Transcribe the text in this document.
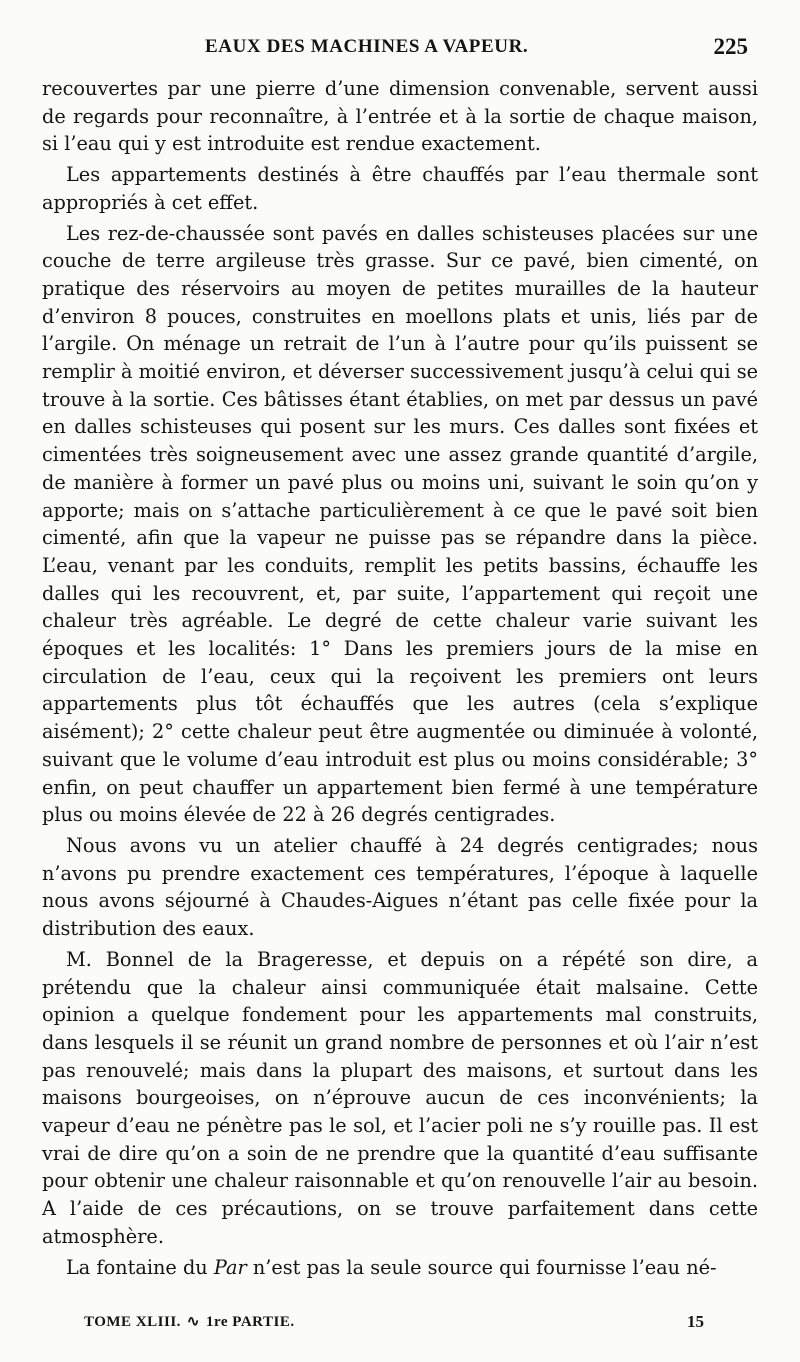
EAUX DES MACHINES A VAPEUR.	225

recouvertes par une pierre d’une dimension convenable, servent aussi de regards pour reconnaître, à l’entrée et à la sortie de chaque maison, si l’eau qui y est introduite est rendue exactement.

Les appartements destinés à être chauffés par l’eau thermale sont appropriés à cet effet.

Les rez-de-chaussée sont pavés en dalles schisteuses placées sur une couche de terre argileuse très grasse. Sur ce pavé, bien cimenté, on pratique des réservoirs au moyen de petites murailles de la hauteur d’environ 8 pouces, construites en moellons plats et unis, liés par de l’argile. On ménage un retrait de l’un à l’autre pour qu’ils puissent se remplir à moitié environ, et déverser successivement jusqu’à celui qui se trouve à la sortie. Ces bâtisses étant établies, on met par dessus un pavé en dalles schisteuses qui posent sur les murs. Ces dalles sont fixées et cimentées très soigneusement avec une assez grande quantité d’argile, de manière à former un pavé plus ou moins uni, suivant le soin qu’on y apporte; mais on s’attache particulièrement à ce que le pavé soit bien cimenté, afin que la vapeur ne puisse pas se répandre dans la pièce. L’eau, venant par les conduits, remplit les petits bassins, échauffe les dalles qui les recouvrent, et, par suite, l’appartement qui reçoit une chaleur très agréable. Le degré de cette chaleur varie suivant les époques et les localités: 1° Dans les premiers jours de la mise en circulation de l’eau, ceux qui la reçoivent les premiers ont leurs appartements plus tôt échauffés que les autres (cela s’explique aisément); 2° cette chaleur peut être augmentée ou diminuée à volonté, suivant que le volume d’eau introduit est plus ou moins considérable; 3° enfin, on peut chauffer un appartement bien fermé à une température plus ou moins élevée de 22 à 26 degrés centigrades.

Nous avons vu un atelier chauffé à 24 degrés centigrades; nous n’avons pu prendre exactement ces températures, l’époque à laquelle nous avons séjourné à Chaudes-Aigues n’étant pas celle fixée pour la distribution des eaux.

M. Bonnel de la Brageresse, et depuis on a répété son dire, a prétendu que la chaleur ainsi communiquée était malsaine. Cette opinion a quelque fondement pour les appartements mal construits, dans lesquels il se réunit un grand nombre de personnes et où l’air n’est pas renouvelé; mais dans la plupart des maisons, et surtout dans les maisons bourgeoises, on n’éprouve aucun de ces inconvénients; la vapeur d’eau ne pénètre pas le sol, et l’acier poli ne s’y rouille pas. Il est vrai de dire qu’on a soin de ne prendre que la quantité d’eau suffisante pour obtenir une chaleur raisonnable et qu’on renouvelle l’air au besoin. A l’aide de ces précautions, on se trouve parfaitement dans cette atmosphère.

La fontaine du Par n’est pas la seule source qui fournisse l’eau né-

TOME XLIII. ∿ 1re PARTIE.	15
